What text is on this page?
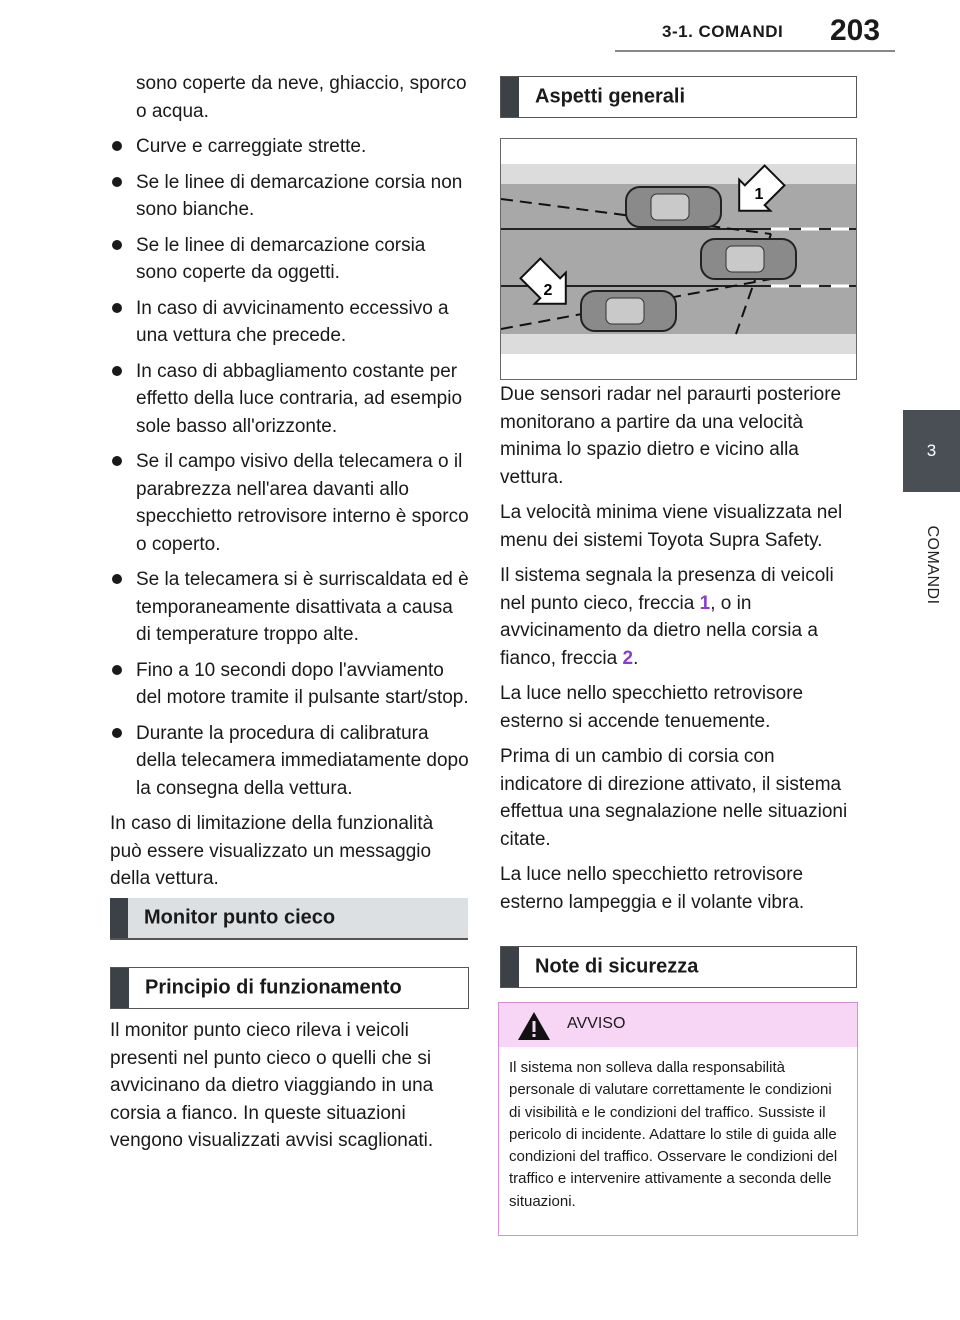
3-1. COMANDI 203
3
COMANDI

sono coperte da neve, ghiaccio, sporco o acqua.

Curve e carreggiate strette.
Se le linee di demarcazione corsia non sono bianche.
Se le linee di demarcazione corsia sono coperte da oggetti.
In caso di avvicinamento eccessivo a una vettura che precede.
In caso di abbagliamento costante per effetto della luce contraria, ad esempio sole basso all'orizzonte.
Se il campo visivo della telecamera o il parabrezza nell'area davanti allo specchietto retrovisore interno è sporco o coperto.
Se la telecamera si è surriscaldata ed è temporaneamente disattivata a causa di temperature troppo alte.
Fino a 10 secondi dopo l'avviamento del motore tramite il pulsante start/stop.
Durante la procedura di calibratura della telecamera immediatamente dopo la consegna della vettura.

In caso di limitazione della funzionalità può essere visualizzato un messaggio della vettura.

Monitor punto cieco
Principio di funzionamento
Il monitor punto cieco rileva i veicoli presenti nel punto cieco o quelli che si avvicinano da dietro viaggiando in una corsia a fianco. In queste situazioni vengono visualizzati avvisi scaglionati.
Aspetti generali
1
2

Due sensori radar nel paraurti posteriore monitorano a partire da una velocità minima lo spazio dietro e vicino alla vettura.

La velocità minima viene visualizzata nel menu dei sistemi Toyota Supra Safety.

Il sistema segnala la presenza di veicoli nel punto cieco, freccia 1, o in avvicinamento da dietro nella corsia a fianco, freccia 2.

La luce nello specchietto retrovisore esterno si accende tenuemente.

Prima di un cambio di corsia con indicatore di direzione attivato, il sistema effettua una segnalazione nelle situazioni citate.

La luce nello specchietto retrovisore esterno lampeggia e il volante vibra.

Note di sicurezza
AVVISO
Il sistema non solleva dalla responsabilità personale di valutare correttamente le condizioni di visibilità e le condizioni del traffico. Sussiste il pericolo di incidente. Adattare lo stile di guida alle condizioni del traffico. Osservare le condizioni del traffico e intervenire attivamente a seconda delle situazioni.
